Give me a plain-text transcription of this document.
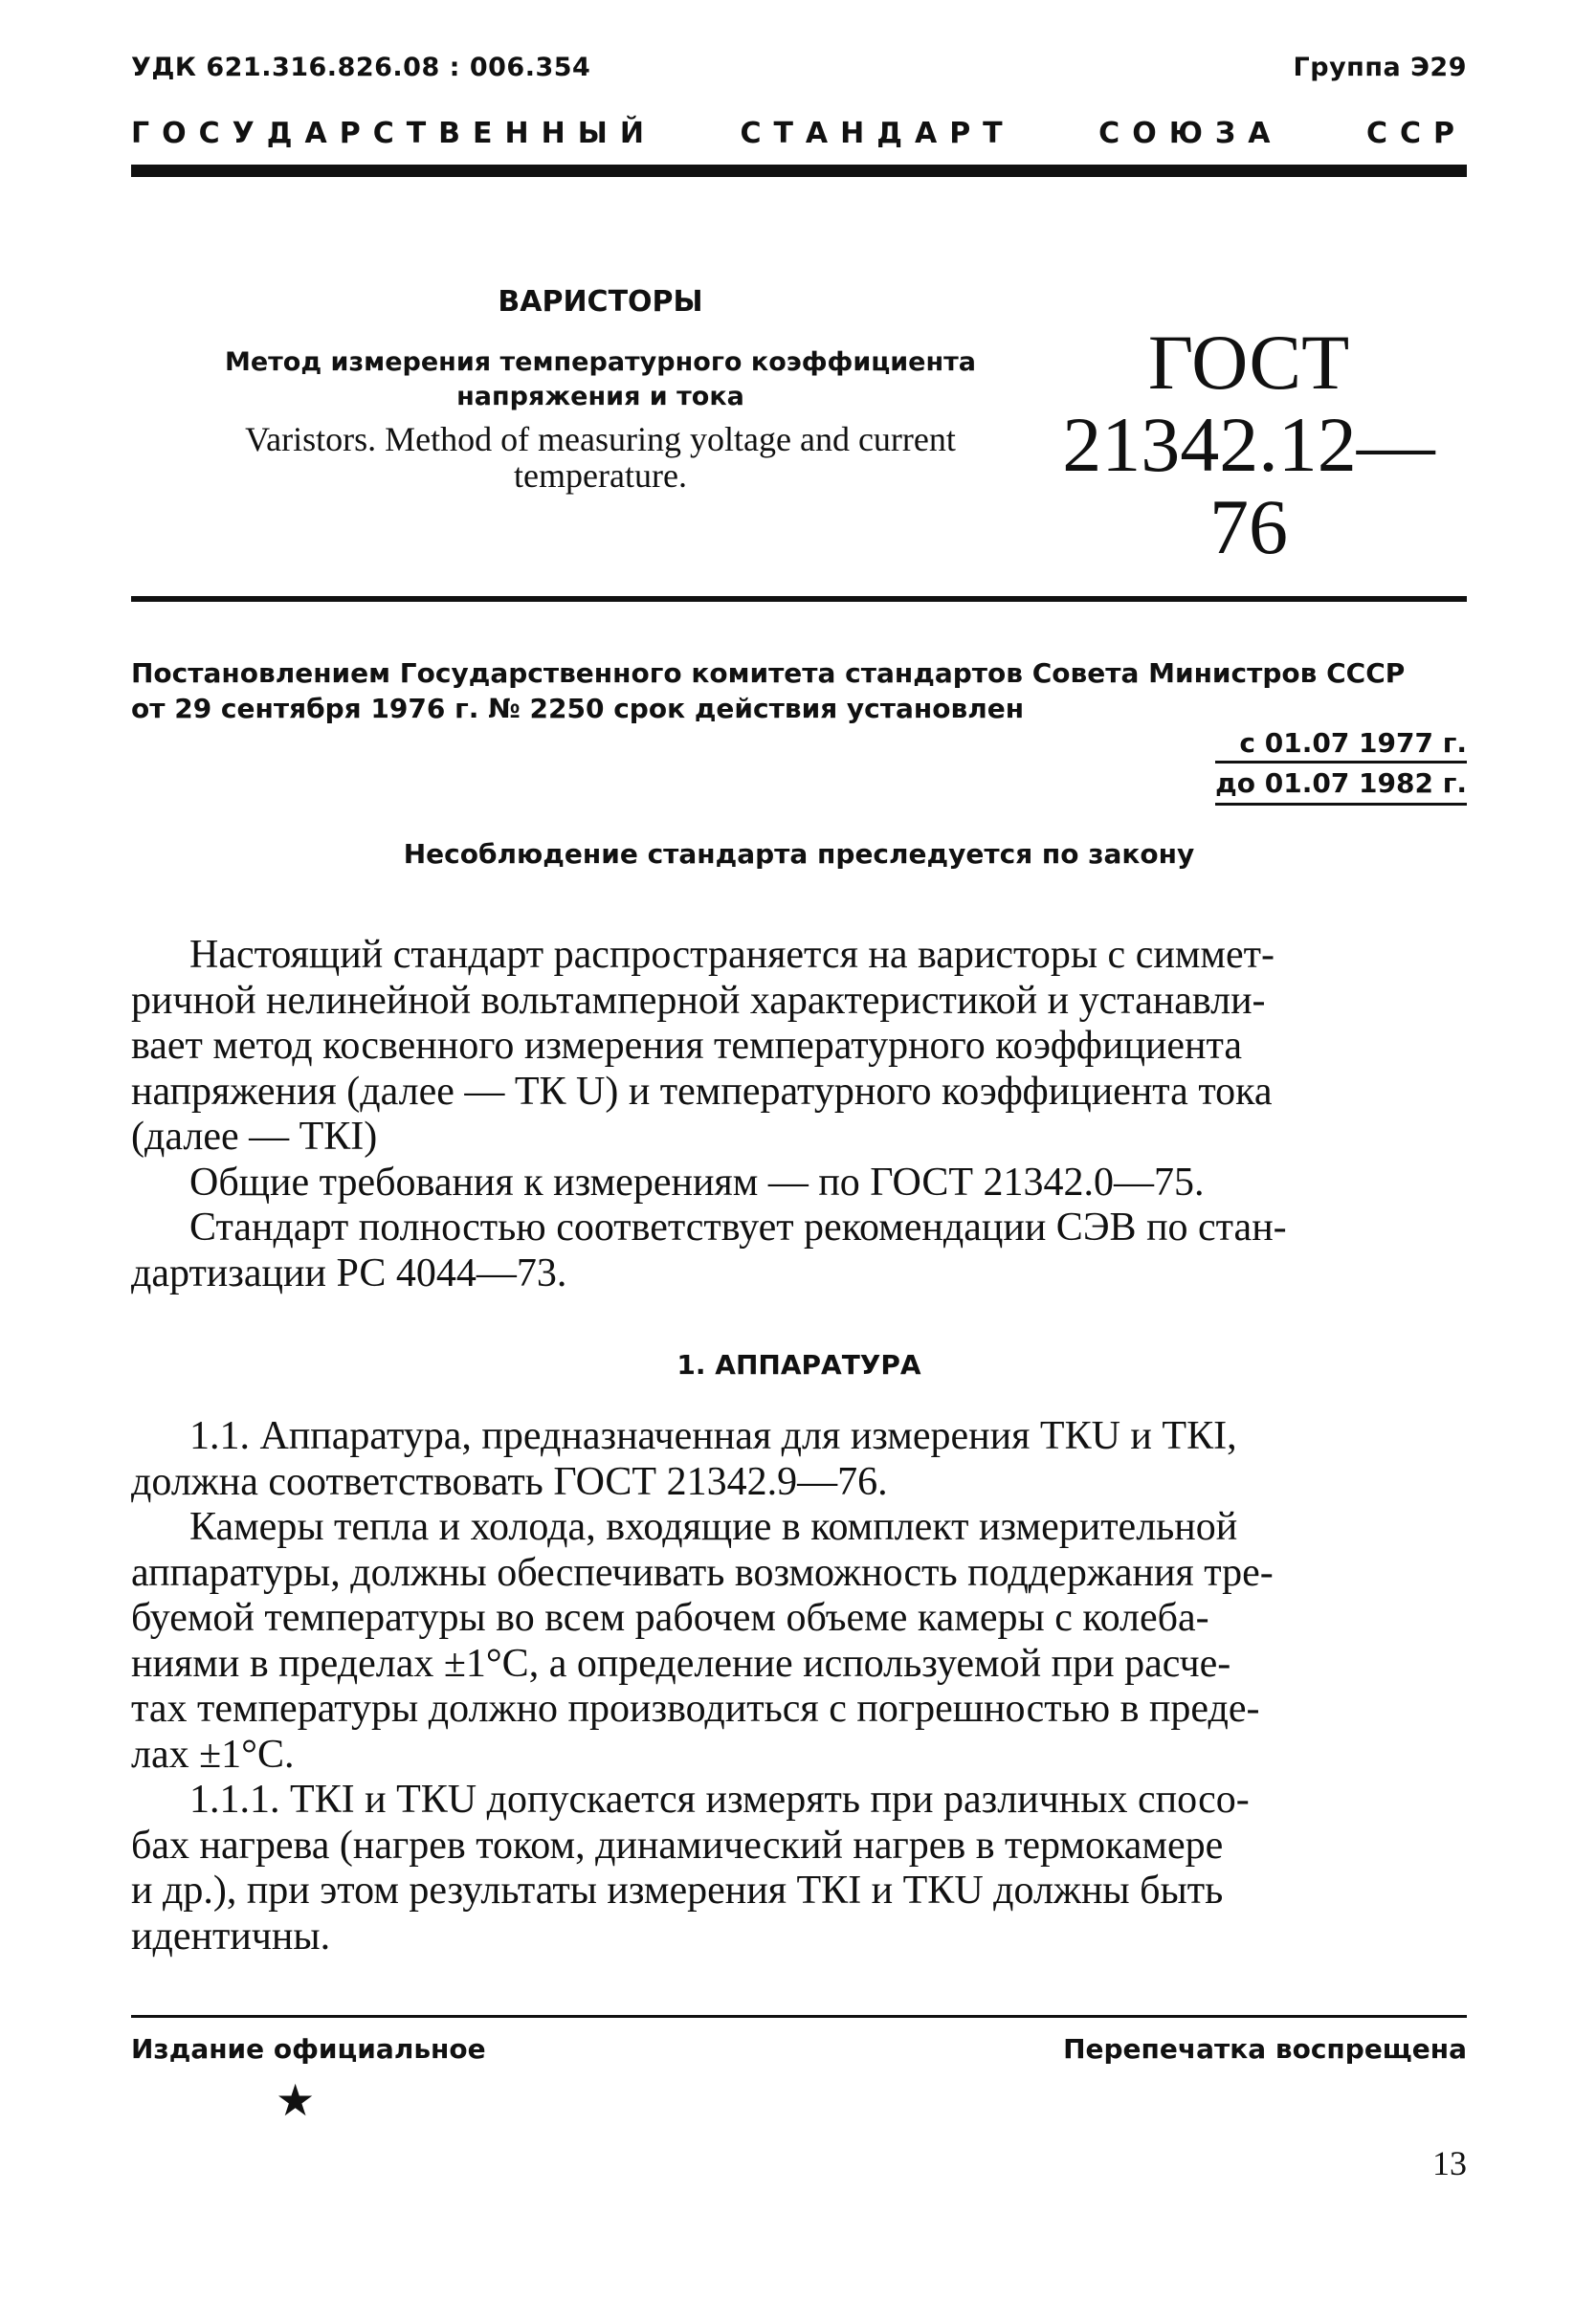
УДК 621.316.826.08 : 006.354	Группа Э29
ГОСУДАРСТВЕННЫЙ	СТАНДАРТ	СОЮЗА	ССР
ВАРИСТОРЫ
Метод измерения температурного коэффициента
напряжения и тока
Varistors. Method of measuring yoltage and current
temperature.
ГОСТ
21342.12—76
Постановлением Государственного комитета стандартов Совета Министров СССР
от 29 сентября 1976 г. № 2250 срок действия установлен
с 01.07 1977 г.
до 01.07 1982 г.
Несоблюдение стандарта преследуется по закону

Настоящий стандарт распространяется на варисторы с симмет-

ричной нелинейной вольтамперной характеристикой и устанавли-

вает метод косвенного измерения температурного коэффициента

напряжения (далее — ТК U) и температурного коэффициента тока

(далее — ТКI)

Общие требования к измерениям — по ГОСТ 21342.0—75.

Стандарт полностью соответствует рекомендации СЭВ по стан-

дартизации РС 4044—73.

1. АППАРАТУРА

1.1. Аппаратура, предназначенная для измерения ТКU и ТКI,

должна соответствовать ГОСТ 21342.9—76.

Камеры тепла и холода, входящие в комплект измерительной

аппаратуры, должны обеспечивать возможность поддержания тре-

буемой температуры во всем рабочем объеме камеры с колеба-

ниями в пределах ±1°С, а определение используемой при расче-

тах температуры должно производиться с погрешностью в преде-

лах ±1°С.

1.1.1. ТКI и ТКU допускается измерять при различных спосо-

бах нагрева (нагрев током, динамический нагрев в термокамере

и др.), при этом результаты измерения ТКI и ТКU должны быть

идентичны.

Издание официальное	Перепечатка воспрещена
★
13
